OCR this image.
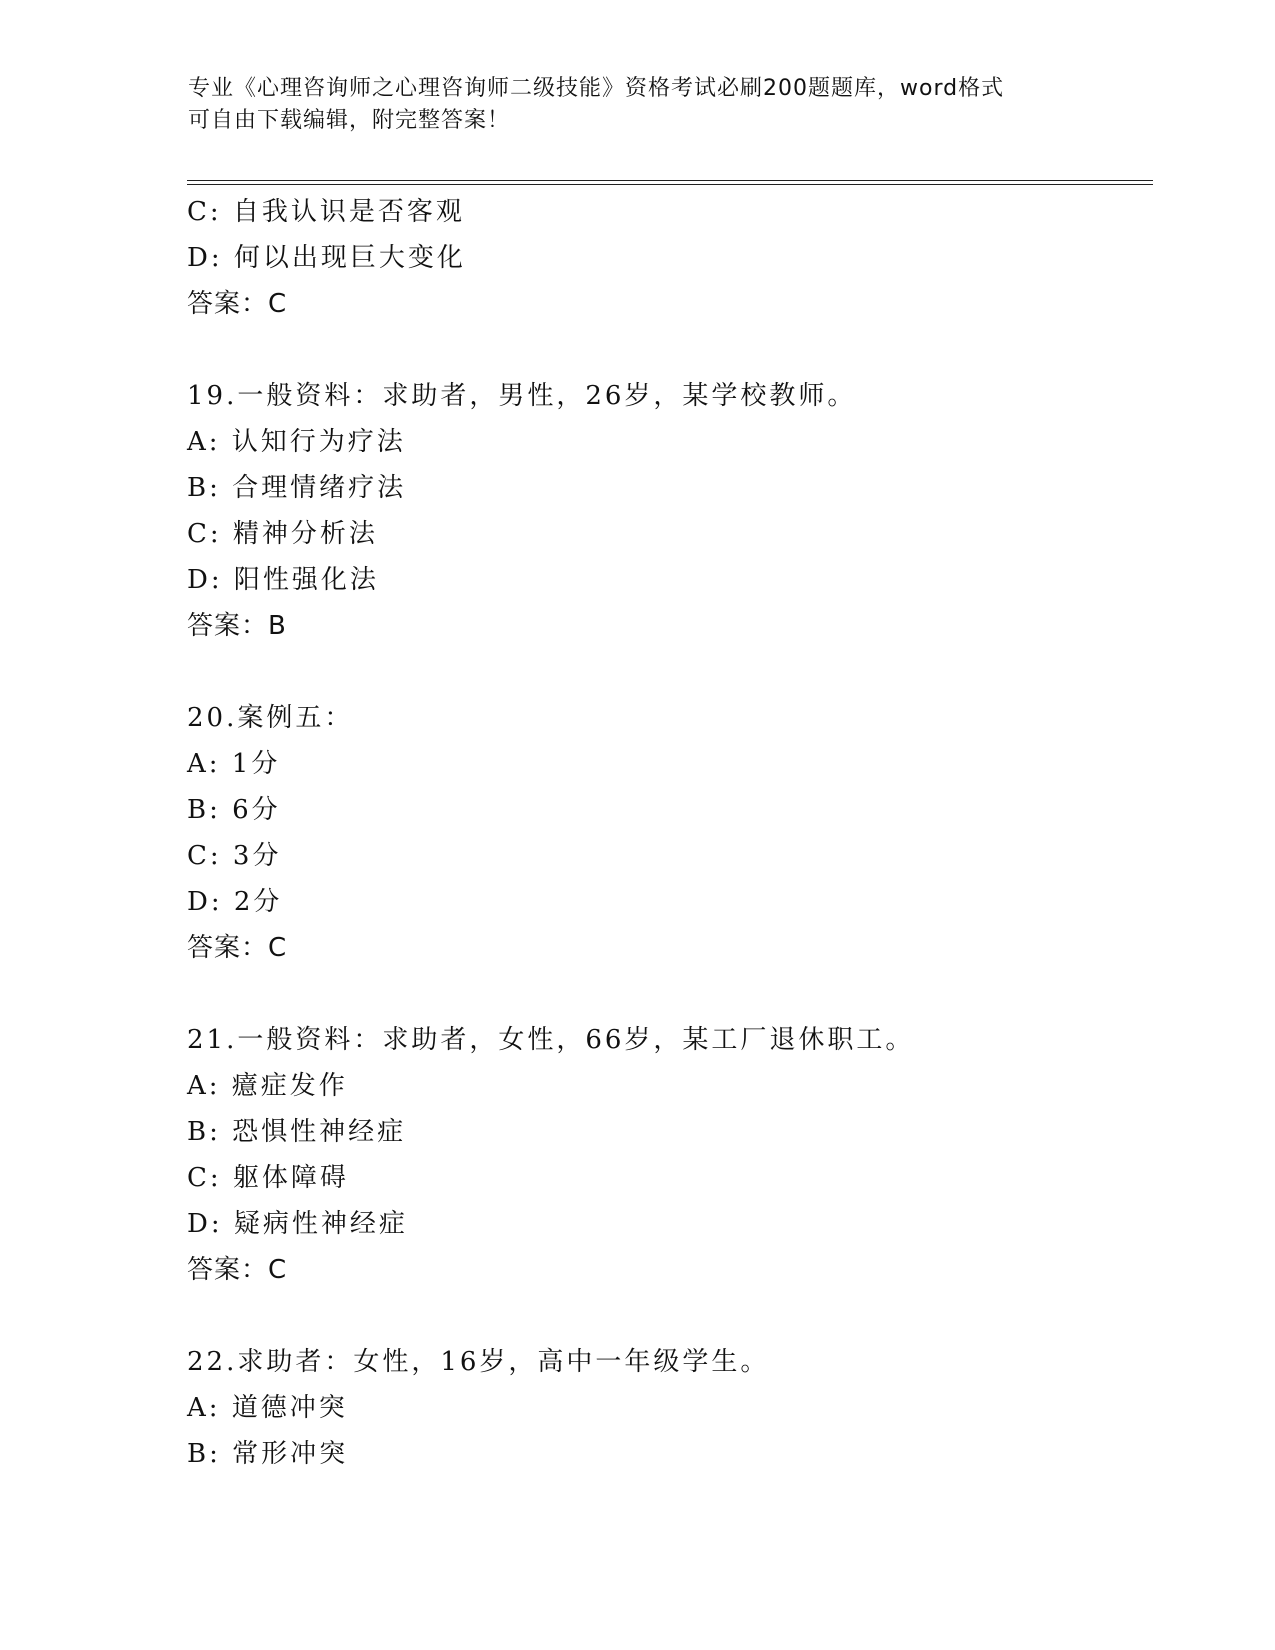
专业《心理咨询师之心理咨询师二级技能》资格考试必刷200题题库，word格式
可自由下载编辑，附完整答案！
C: 自我认识是否客观
D: 何以出现巨大变化
答案：C
19.一般资料：求助者，男性，26岁，某学校教师。
A: 认知行为疗法
B: 合理情绪疗法
C: 精神分析法
D: 阳性强化法
答案：B
20.案例五：
A: 1分
B: 6分
C: 3分
D: 2分
答案：C
21.一般资料：求助者，女性，66岁，某工厂退休职工。
A: 癔症发作
B: 恐惧性神经症
C: 躯体障碍
D: 疑病性神经症
答案：C
22.求助者：女性，16岁，高中一年级学生。
A: 道德冲突
B: 常形冲突
